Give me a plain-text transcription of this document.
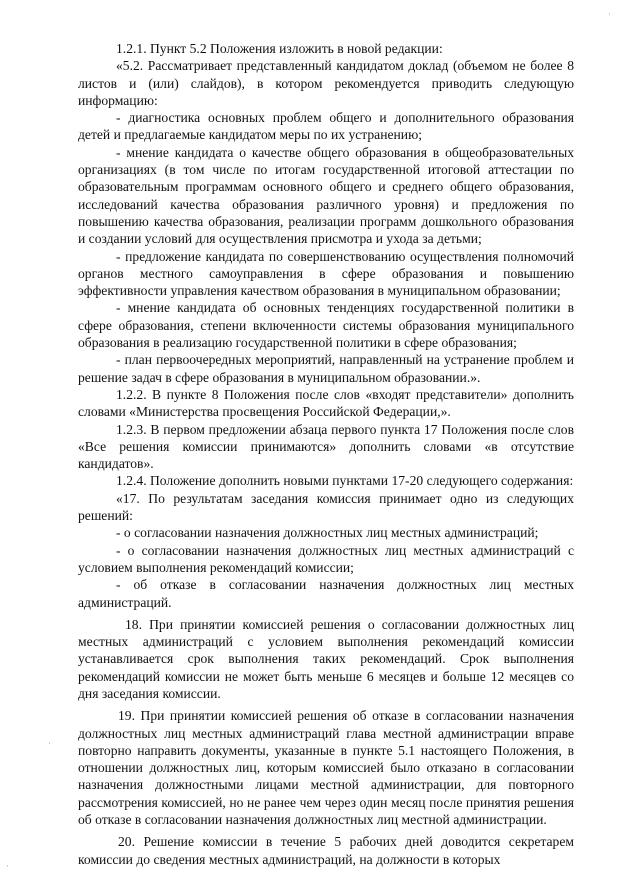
1.2.1. Пункт 5.2 Положения изложить в новой редакции:

«5.2. Рассматривает представленный кандидатом доклад (объемом не более 8 листов и (или) слайдов), в котором рекомендуется приводить следующую информацию:

- диагностика основных проблем общего и дополнительного образования детей и предлагаемые кандидатом меры по их устранению;

- мнение кандидата о качестве общего образования в общеобразовательных организациях (в том числе по итогам государственной итоговой аттестации по образовательным программам основного общего и среднего общего образования, исследований качества образования различного уровня) и предложения по повышению качества образования, реализации программ дошкольного образования и создании условий для осуществления присмотра и ухода за детьми;

- предложение кандидата по совершенствованию осуществления полномочий органов местного самоуправления в сфере образования и повышению эффективности управления качеством образования в муниципальном образовании;

- мнение кандидата об основных тенденциях государственной политики в сфере образования, степени включенности системы образования муниципального образования в реализацию государственной политики в сфере образования;

- план первоочередных мероприятий, направленный на устранение проблем и решение задач в сфере образования в муниципальном образовании.».

1.2.2. В пункте 8 Положения после слов «входят представители» дополнить словами «Министерства просвещения Российской Федерации,».

1.2.3. В первом предложении абзаца первого пункта 17 Положения после слов «Все решения комиссии принимаются» дополнить словами «в отсутствие кандидатов».

1.2.4. Положение дополнить новыми пунктами 17-20 следующего содержания:

«17. По результатам заседания комиссия принимает одно из следующих решений:

- о согласовании назначения должностных лиц местных администраций;

- о согласовании назначения должностных лиц местных администраций с условием выполнения рекомендаций комиссии;

- об отказе в согласовании назначения должностных лиц местных администраций.

18. При принятии комиссией решения о согласовании должностных лиц местных администраций с условием выполнения рекомендаций комиссии устанавливается срок выполнения таких рекомендаций. Срок выполнения рекомендаций комиссии не может быть меньше 6 месяцев и больше 12 месяцев со дня заседания комиссии.

19. При принятии комиссией решения об отказе в согласовании назначения должностных лиц местных администраций глава местной администрации вправе повторно направить документы, указанные в пункте 5.1 настоящего Положения, в отношении должностных лиц, которым комиссией было отказано в согласовании назначения должностными лицами местной администрации, для повторного рассмотрения комиссией, но не ранее чем через один месяц после принятия решения об отказе в согласовании назначения должностных лиц местной администрации.

20. Решение комиссии в течение 5 рабочих дней доводится секретарем комиссии до сведения местных администраций, на должности в которых

·
·
·
